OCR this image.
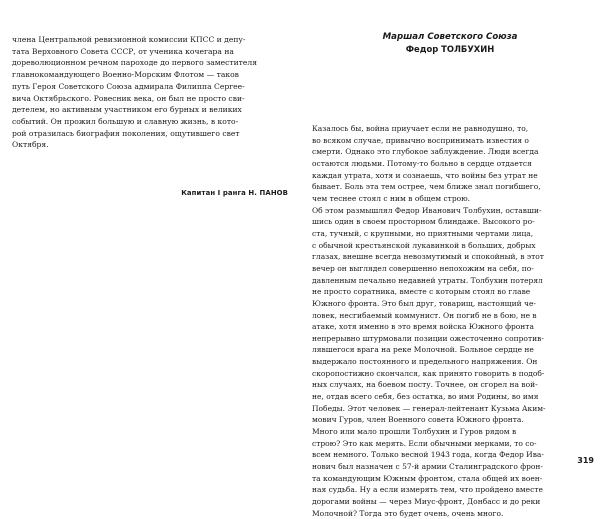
члена Центральной ревизионной комиссии КПСС и депу-
тата Верховного Совета СССР, от ученика кочегара на
дореволюционном речном пароходе до первого заместителя
главнокомандующего Военно-Морским Флотом — таков
путь Героя Советского Союза адмирала Филиппа Сергее-
вича Октябрьского. Ровесник века, он был не просто сви-
детелем, но активным участником его бурных и великих
событий. Он прожил большую и славную жизнь, в кото-
рой отразилась биография поколения, ощутившего свет
Октября.
Капитан I ранга Н. ПАНОВ
Маршал Советского Союза
Федор ТОЛБУХИН
Казалось бы, война приучает если не равнодушно, то,
во всяком случае, привычно воспринимать известия о
смерти. Однако это глубокое заблуждение. Люди всегда
остаются людьми. Потому-то больно в сердце отдается
каждая утрата, хотя и сознаешь, что войны без утрат не
бывает. Боль эта тем острее, чем ближе знал погибшего,
чем теснее стоял с ним в общем строю.
Об этом размышлял Федор Иванович Толбухин, оставши-
шись один в своем просторном блиндаже. Высокого ро-
ста, тучный, с крупными, но приятными чертами лица,
с обычной крестьянской лукавинкой в больших, добрых
глазах, внешне всегда невозмутимый и спокойный, в этот
вечер он выглядел совершенно непохожим на себя, по-
давленным печально недавней утраты. Толбухин потерял
не просто соратника, вместе с которым стоял во главе
Южного фронта. Это был друг, товарищ, настоящий че-
ловек, несгибаемый коммунист. Он погиб не в бою, не в
атаке, хотя именно в это время войска Южного фронта
непрерывно штурмовали позиции ожесточенно сопротив-
лявшегося врага на реке Молочной. Больное сердце не
выдержало постоянного и предельного напряжения. Он
скоропостижно скончался, как принято говорить в подоб-
ных случаях, на боевом посту. Точнее, он сгорел на вой-
не, отдав всего себя, без остатка, во имя Родины, во имя
Победы. Этот человек — генерал-лейтенант Кузьма Аким-
мович Гуров, член Военного совета Южного фронта.
Много или мало прошли Толбухин и Гуров рядом в
строю? Это как мерять. Если обычными мерками, то со-
всем немного. Только весной 1943 года, когда Федор Ива-
нович был назначен с 57-й армии Сталинградского фрон-
та командующим Южным фронтом, стала общей их воен-
ная судьба. Ну а если измерять тем, что пройдено вместе
дорогами войны — через Миус-фронт, Донбасс и до реки
Молочной? Тогда это будет очень, очень много.
319
